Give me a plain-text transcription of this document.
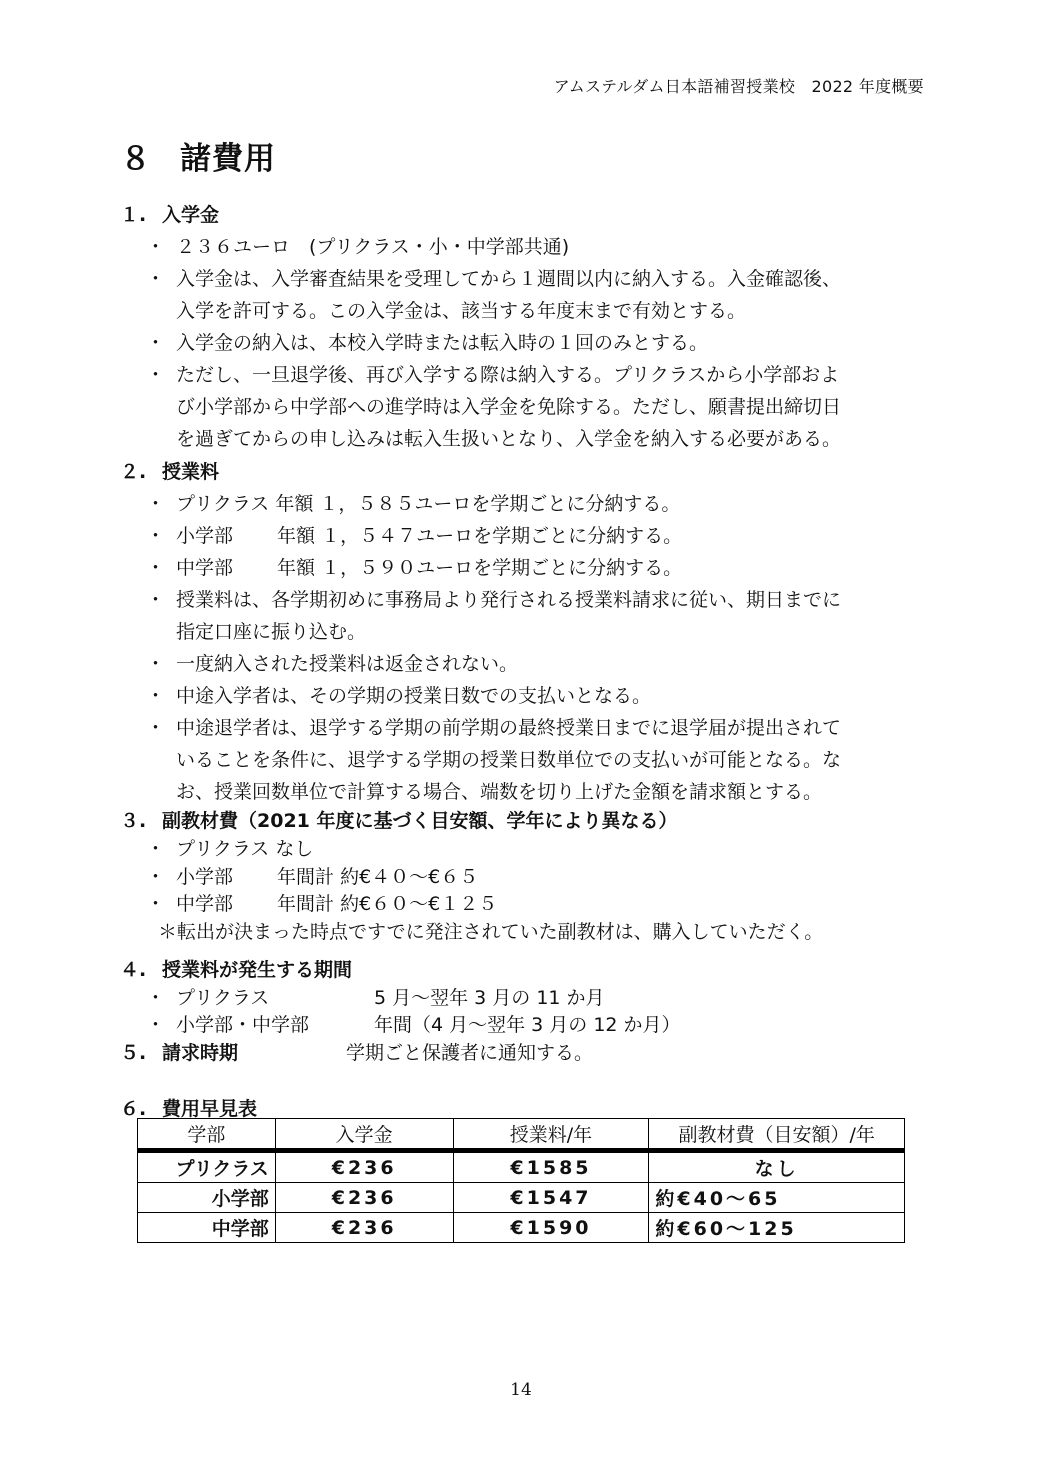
アムステルダム日本語補習授業校　2022 年度概要
８ 諸費用
１. 入学金
・ ２３６ユーロ　(プリクラス・小・中学部共通)
・ 入学金は、入学審査結果を受理してから１週間以内に納入する。入金確認後、
入学を許可する。この入学金は、該当する年度末まで有効とする。
・ 入学金の納入は、本校入学時または転入時の１回のみとする。
・ ただし、一旦退学後、再び入学する際は納入する。プリクラスから小学部およ
び小学部から中学部への進学時は入学金を免除する。ただし、願書提出締切日
を過ぎてからの申し込みは転入生扱いとなり、入学金を納入する必要がある。
２. 授業料
・ プリクラス 年額 １，５８５ユーロを学期ごとに分納する。
・ 小学部　　 年額 １，５４７ユーロを学期ごとに分納する。
・ 中学部　　 年額 １，５９０ユーロを学期ごとに分納する。
・ 授業料は、各学期初めに事務局より発行される授業料請求に従い、期日までに
指定口座に振り込む。
・ 一度納入された授業料は返金されない。
・ 中途入学者は、その学期の授業日数での支払いとなる。
・ 中途退学者は、退学する学期の前学期の最終授業日までに退学届が提出されて
いることを条件に、退学する学期の授業日数単位での支払いが可能となる。な
お、授業回数単位で計算する場合、端数を切り上げた金額を請求額とする。
３. 副教材費（2021 年度に基づく目安額、学年により異なる）
・ プリクラス なし
・ 小学部　　 年間計 約€４０～€６５
・ 中学部　　 年間計 約€６０～€１２５
＊転出が決まった時点ですでに発注されていた副教材は、購入していただく。
４. 授業料が発生する期間
・ プリクラス	5 月～翌年 3 月の 11 か月
・ 小学部・中学部	年間（4 月～翌年 3 月の 12 か月）
５. 請求時期	学期ごと保護者に通知する。
６. 費用早見表
学部	入学金	授業料/年	副教材費（目安額）/年
プリクラス	€236	€1585	なし
小学部	€236	€1547	約€40～65
中学部	€236	€1590	約€60～125
14
